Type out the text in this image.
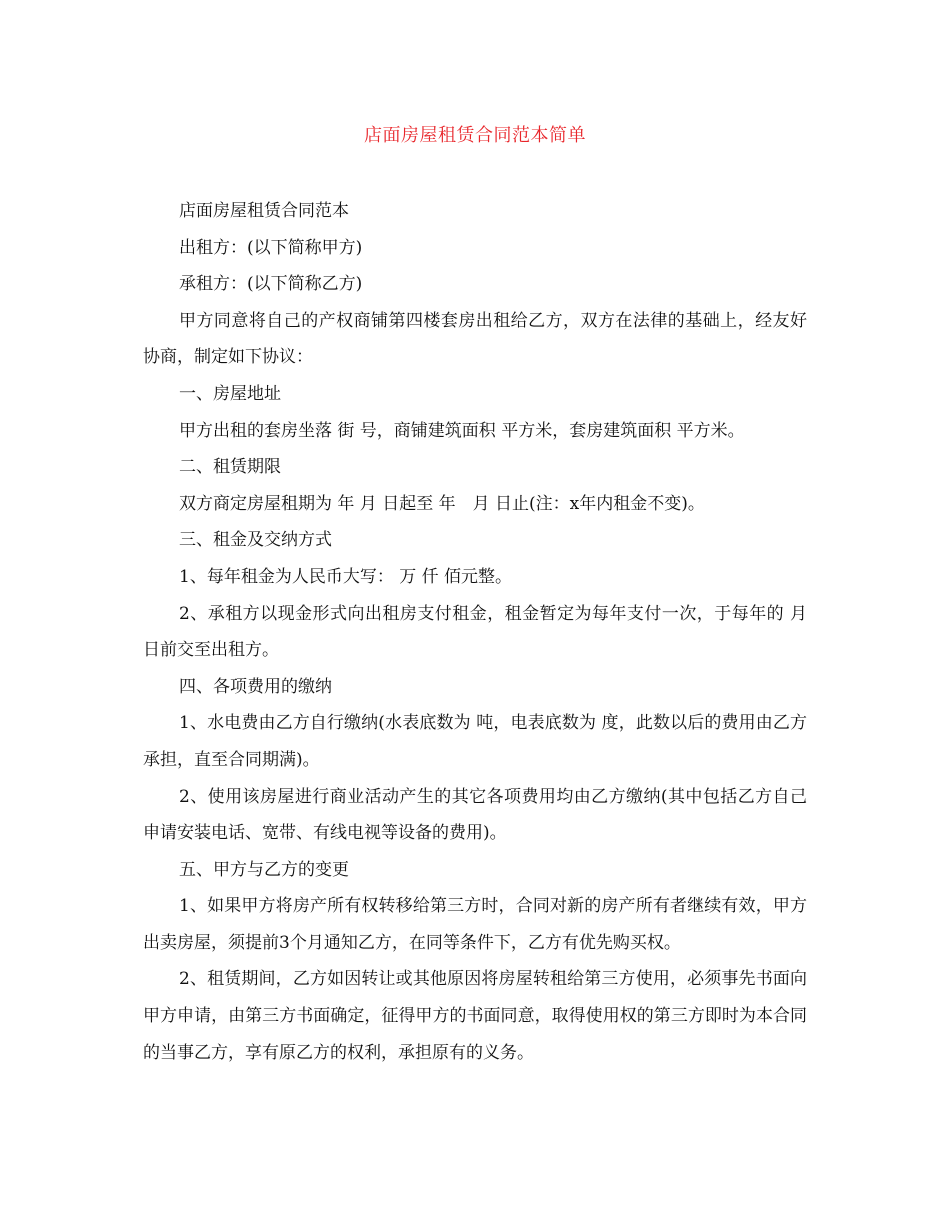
店面房屋租赁合同范本简单

店面房屋租赁合同范本

出租方：(以下简称甲方)

承租方：(以下简称乙方)

甲方同意将自己的产权商铺第四楼套房出租给乙方，双方在法律的基础上，经友好协商，制定如下协议：

一、房屋地址

甲方出租的套房坐落 街 号，商铺建筑面积 平方米，套房建筑面积 平方米。

二、租赁期限

双方商定房屋租期为 年 月 日起至 年　月 日止(注：x年内租金不变)。

三、租金及交纳方式

1、每年租金为人民币大写： 万 仟 佰元整。

2、承租方以现金形式向出租房支付租金，租金暂定为每年支付一次，于每年的 月 日前交至出租方。

四、各项费用的缴纳

1、水电费由乙方自行缴纳(水表底数为 吨，电表底数为 度，此数以后的费用由乙方承担，直至合同期满)。

2、使用该房屋进行商业活动产生的其它各项费用均由乙方缴纳(其中包括乙方自己申请安装电话、宽带、有线电视等设备的费用)。

五、甲方与乙方的变更

1、如果甲方将房产所有权转移给第三方时，合同对新的房产所有者继续有效，甲方出卖房屋，须提前3个月通知乙方，在同等条件下，乙方有优先购买权。

2、租赁期间，乙方如因转让或其他原因将房屋转租给第三方使用，必须事先书面向甲方申请，由第三方书面确定，征得甲方的书面同意，取得使用权的第三方即时为本合同的当事乙方，享有原乙方的权利，承担原有的义务。
